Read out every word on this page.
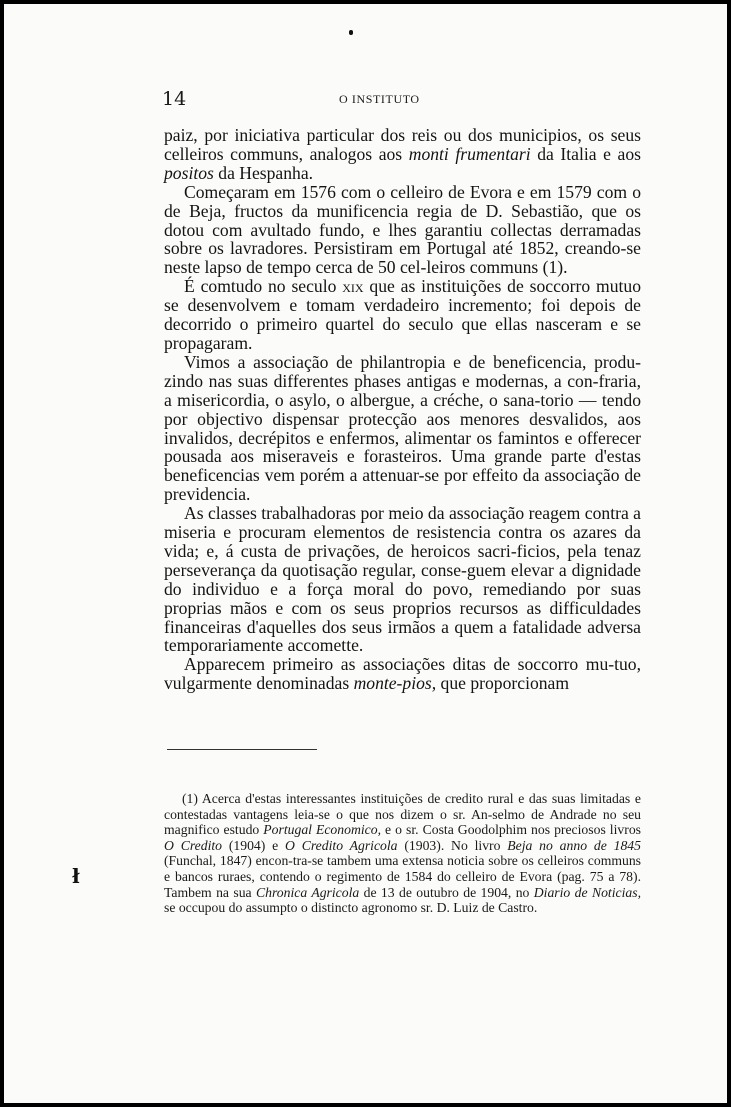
14	O INSTITUTO

paiz, por iniciativa particular dos reis ou dos municipios, os seus celleiros communs, analogos aos monti frumentari da Italia e aos positos da Hespanha.

Começaram em 1576 com o celleiro de Evora e em 1579 com o de Beja, fructos da munificencia regia de D. Sebastião, que os dotou com avultado fundo, e lhes garantiu collectas derramadas sobre os lavradores. Persistiram em Portugal até 1852, creando-se neste lapso de tempo cerca de 50 cel-leiros communs (1).

É comtudo no seculo xix que as instituições de soccorro mutuo se desenvolvem e tomam verdadeiro incremento; foi depois de decorrido o primeiro quartel do seculo que ellas nasceram e se propagaram.

Vimos a associação de philantropia e de beneficencia, produ-zindo nas suas differentes phases antigas e modernas, a con-fraria, a misericordia, o asylo, o albergue, a créche, o sana-torio — tendo por objectivo dispensar protecção aos menores desvalidos, aos invalidos, decrépitos e enfermos, alimentar os famintos e offerecer pousada aos miseraveis e forasteiros. Uma grande parte d'estas beneficencias vem porém a attenuar-se por effeito da associação de previdencia.

As classes trabalhadoras por meio da associação reagem contra a miseria e procuram elementos de resistencia contra os azares da vida; e, á custa de privações, de heroicos sacri-ficios, pela tenaz perseverança da quotisação regular, conse-guem elevar a dignidade do individuo e a força moral do povo, remediando por suas proprias mãos e com os seus proprios recursos as difficuldades financeiras d'aquelles dos seus irmãos a quem a fatalidade adversa temporariamente accomette.

Apparecem primeiro as associações ditas de soccorro mu-tuo, vulgarmente denominadas monte-pios, que proporcionam

(1) Acerca d'estas interessantes instituições de credito rural e das suas limitadas e contestadas vantagens leia-se o que nos dizem o sr. An-selmo de Andrade no seu magnifico estudo Portugal Economico, e o sr. Costa Goodolphim nos preciosos livros O Credito (1904) e O Credito Agricola (1903). No livro Beja no anno de 1845 (Funchal, 1847) encon-tra-se tambem uma extensa noticia sobre os celleiros communs e bancos ruraes, contendo o regimento de 1584 do celleiro de Evora (pag. 75 a 78). Tambem na sua Chronica Agricola de 13 de outubro de 1904, no Diario de Noticias, se occupou do assumpto o distincto agronomo sr. D. Luiz de Castro.

ł
